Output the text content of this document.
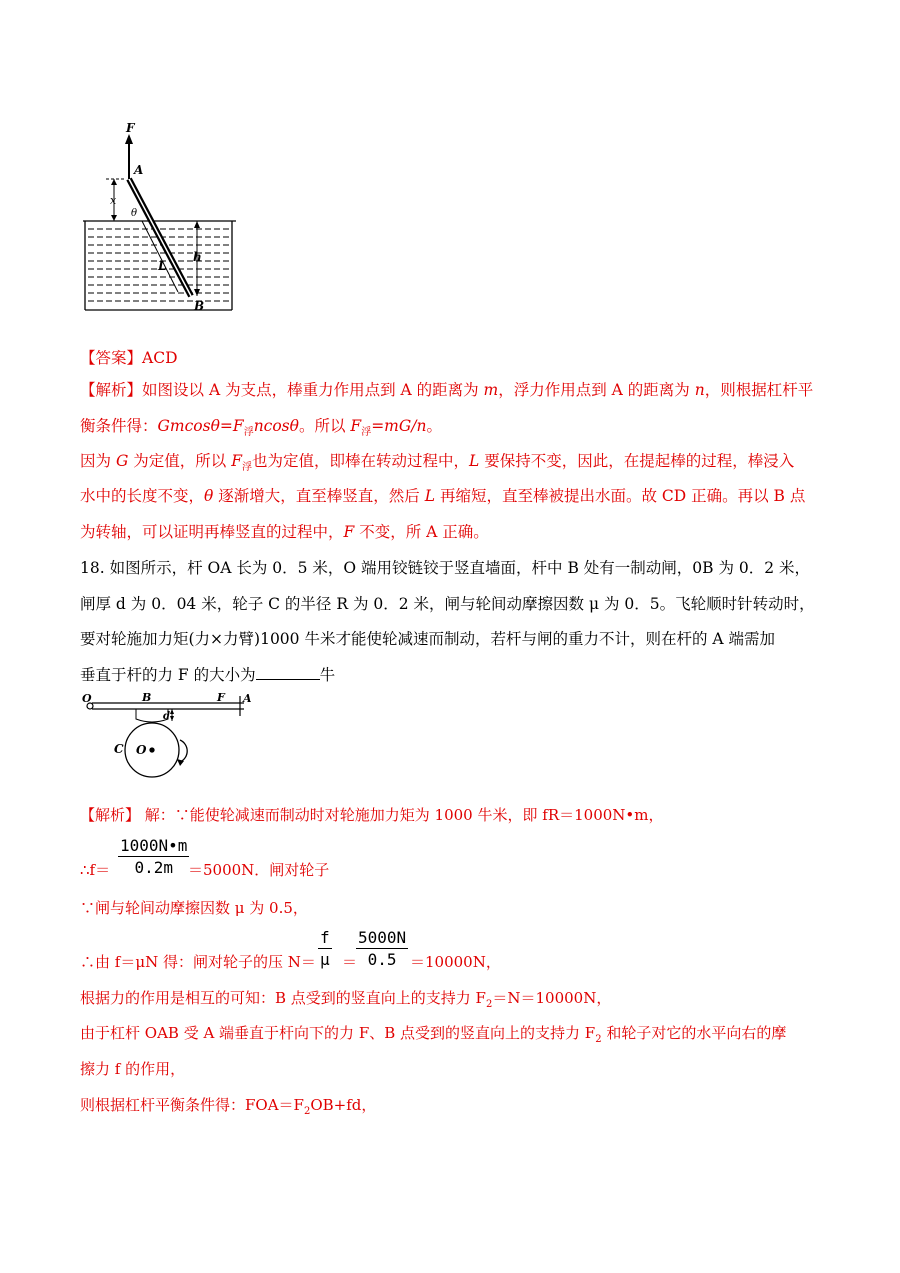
F
A
B
x
θ
L
h
【答案】ACD
【解析】如图设以 A 为支点，棒重力作用点到 A 的距离为 m，浮力作用点到 A 的距离为 n，则根据杠杆平
衡条件得：$Gmcos\theta=F_浮ncos\theta$。所以 $F_浮=mG/n$。
因为 G 为定值，所以 $F_浮$也为定值，即棒在转动过程中，L 要保持不变，因此，在提起棒的过程，棒浸入
水中的长度不变，θ 逐渐增大，直至棒竖直，然后 L 再缩短，直至棒被提出水面。故 CD 正确。再以 B 点
为转轴，可以证明再棒竖直的过程中，F 不变，所 A 正确。
18. 如图所示，杆 OA 长为 0．5 米，O 端用铰链铰于竖直墙面，杆中 B 处有一制动闸，0B 为 0．2 米，
闸厚 d 为 0．04 米，轮子 C 的半径 R 为 0．2 米，闸与轮间动摩擦因数 μ 为 0．5。飞轮顺时针转动时，
要对轮施加力矩(力×力臂)1000 牛米才能使轮减速而制动，若杆与闸的重力不计，则在杆的 A 端需加
垂直于杆的力 F 的大小为	牛
O	B	F A
d
C O
【解析】 解：∵能使轮减速而制动时对轮施加力矩为 1000 牛米，即 fR＝1000N•m，
∴f＝ $\frac{1000N•m}{0.2m}$
＝5000N．闸对轮子
∵闸与轮间动摩擦因数 μ 为 0.5，
∴由 f＝μN 得：闸对轮子的压 $N= \frac{f}{\mu}$ ＝
$\frac{5000N}{0.5} =10000N$，
根据力的作用是相互的可知：B 点受到的竖直向上的支持力 $F_2=N=10000N$，
由于杠杆 OAB 受 A 端垂直于杆向下的力 F、B 点受到的竖直向上的支持力 $F_2$ 和轮子对它的水平向右的摩
擦力 f 的作用，
则根据杠杆平衡条件得：$FOA=F_2OB+fd$，
